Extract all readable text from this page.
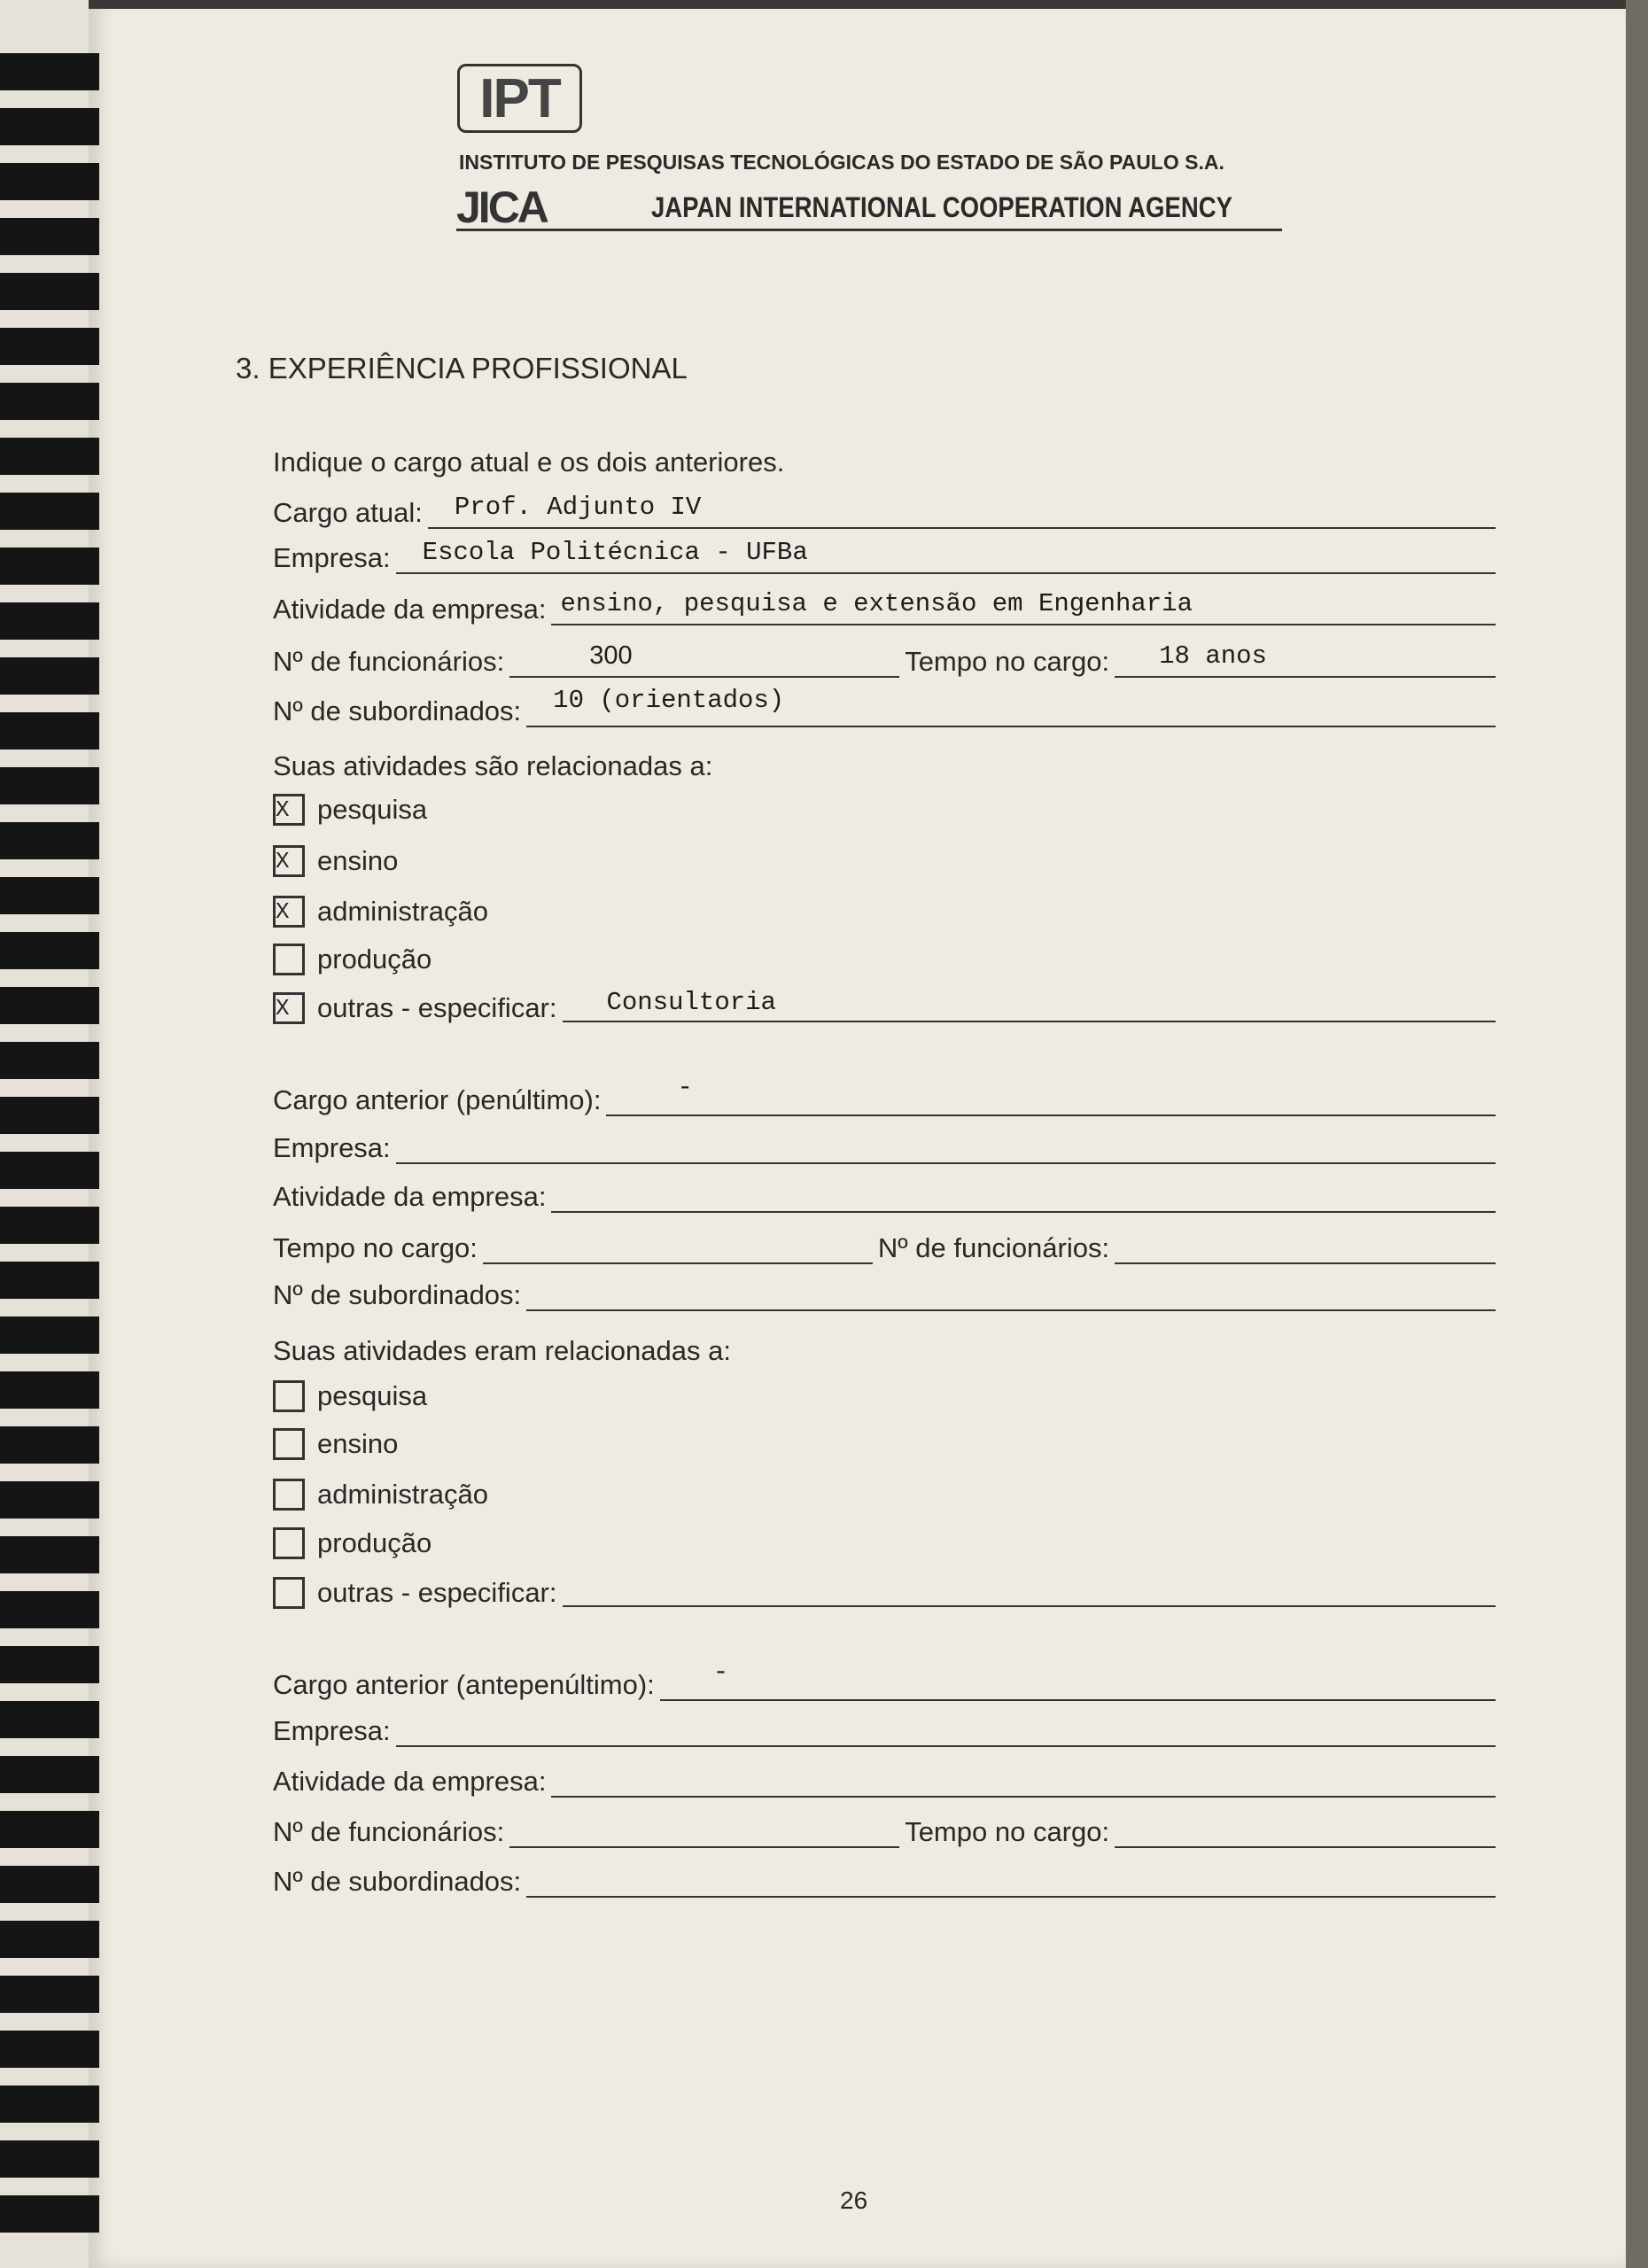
IPT
INSTITUTO DE PESQUISAS TECNOLÓGICAS DO ESTADO DE SÃO PAULO S.A.
JICA	JAPAN INTERNATIONAL COOPERATION AGENCY
3. EXPERIÊNCIA PROFISSIONAL
Indique o cargo atual e os dois anteriores.
Cargo atual: Prof. Adjunto IV
Empresa: Escola Politécnica - UFBa
Atividade da empresa: ensino, pesquisa e extensão em Engenharia
Nº de funcionários:	300	Tempo no cargo: 18 anos
Nº de subordinados: 10 (orientados)
Suas atividades são relacionadas a:
X	pesquisa
X	ensino
X	administração
produção
X	outras - especificar: Consultoria
Cargo anterior (penúltimo):	-
Empresa:
Atividade da empresa:
Tempo no cargo:	Nº de funcionários:
Nº de subordinados:
Suas atividades eram relacionadas a:
pesquisa
ensino
administração
produção
outras - especificar:
Cargo anterior (antepenúltimo): -
Empresa:
Atividade da empresa:
Nº de funcionários:	Tempo no cargo:
Nº de subordinados:
26
